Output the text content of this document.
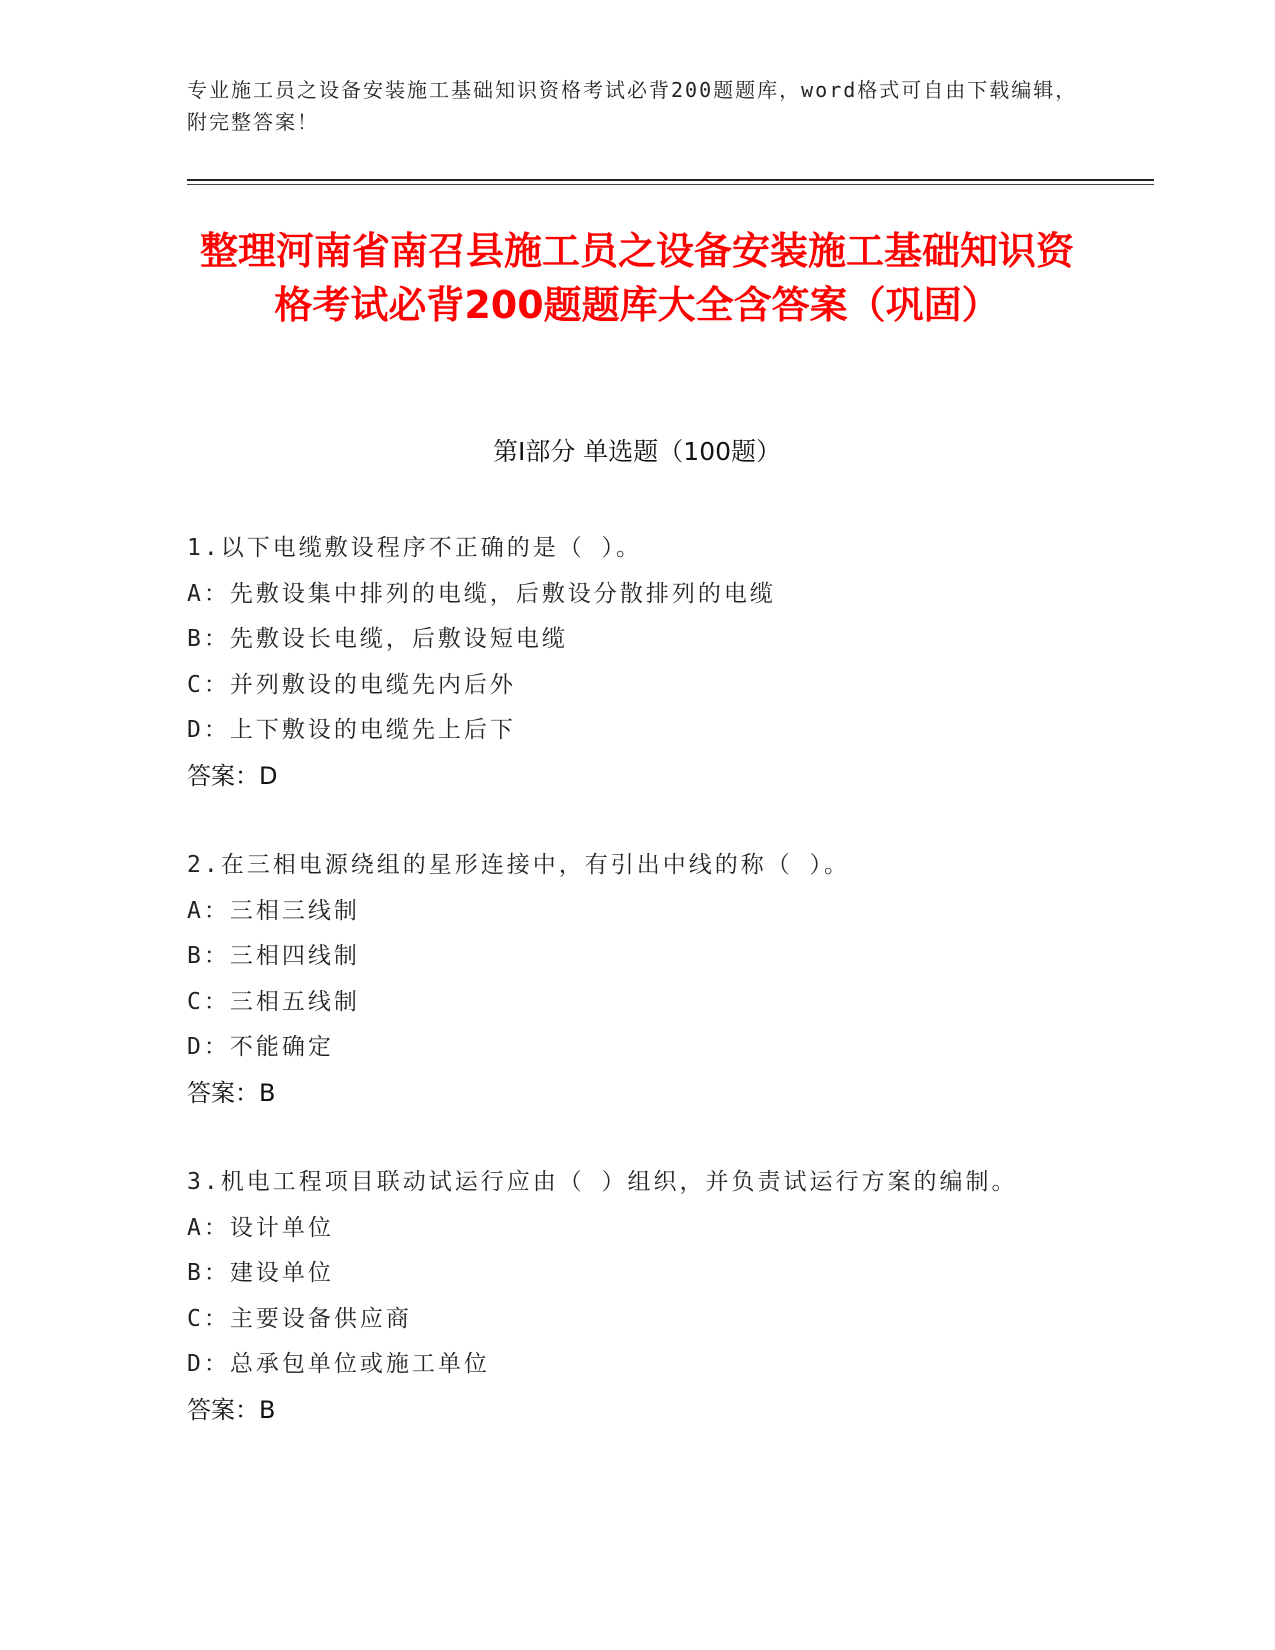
专业施工员之设备安装施工基础知识资格考试必背200题题库，word格式可自由下载编辑，附完整答案！
整理河南省南召县施工员之设备安装施工基础知识资格考试必背200题题库大全含答案（巩固）
第Ⅰ部分 单选题（100题）
1.以下电缆敷设程序不正确的是（ ）。
A：先敷设集中排列的电缆，后敷设分散排列的电缆
B：先敷设长电缆，后敷设短电缆
C：并列敷设的电缆先内后外
D：上下敷设的电缆先上后下
答案：D
2.在三相电源绕组的星形连接中，有引出中线的称（ ）。
A：三相三线制
B：三相四线制
C：三相五线制
D：不能确定
答案：B
3.机电工程项目联动试运行应由（ ）组织，并负责试运行方案的编制。
A：设计单位
B：建设单位
C：主要设备供应商
D：总承包单位或施工单位
答案：B
